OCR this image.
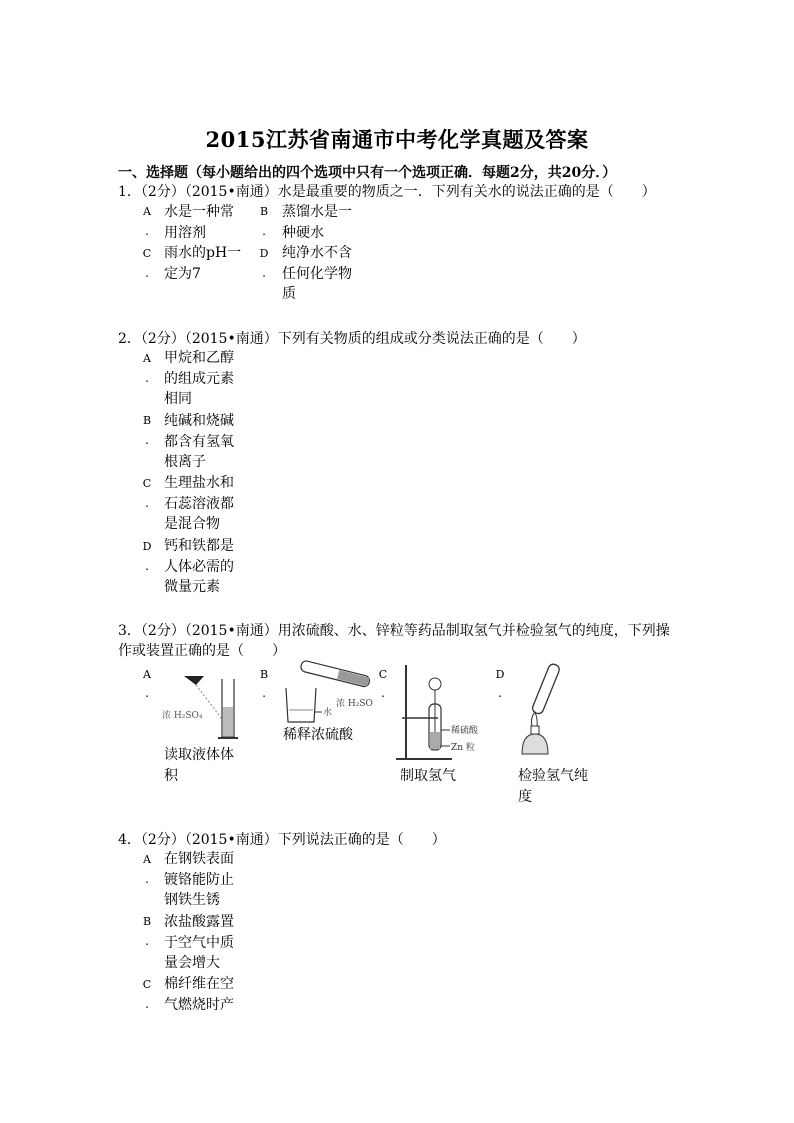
2015江苏省南通市中考化学真题及答案
一、选择题（每小题给出的四个选项中只有一个选项正确．每题2分，共20分．）
1．（2分）（2015•南通）水是最重要的物质之一．下列有关水的说法正确的是（　　）
A
.
水是一种常
用溶剂
B
.
蒸馏水是一
种硬水
C
.
雨水的pH一
定为7
D
.
纯净水不含
任何化学物
质
2．（2分）（2015•南通）下列有关物质的组成或分类说法正确的是（　　）
A
.
甲烷和乙醇
的组成元素
相同
B
.
纯碱和烧碱
都含有氢氧
根离子
C
.
生理盐水和
石蕊溶液都
是混合物
D
.
钙和铁都是
人体必需的
微量元素
3．（2分）（2015•南通）用浓硫酸、水、锌粒等药品制取氢气并检验氢气的纯度，下列操
作或装置正确的是（　　）
A
.
浓 H₂SO₄
读取液体体
积
B
.
浓 H₂SO
水
稀释浓硫酸
C
.
稀硫酸
Zn 粒
制取氢气
D
.
检验氢气纯
度
4．（2分）（2015•南通）下列说法正确的是（　　）
A
.
在钢铁表面
镀铬能防止
钢铁生锈
B
.
浓盐酸露置
于空气中质
量会增大
C
.
棉纤维在空
气燃烧时产
